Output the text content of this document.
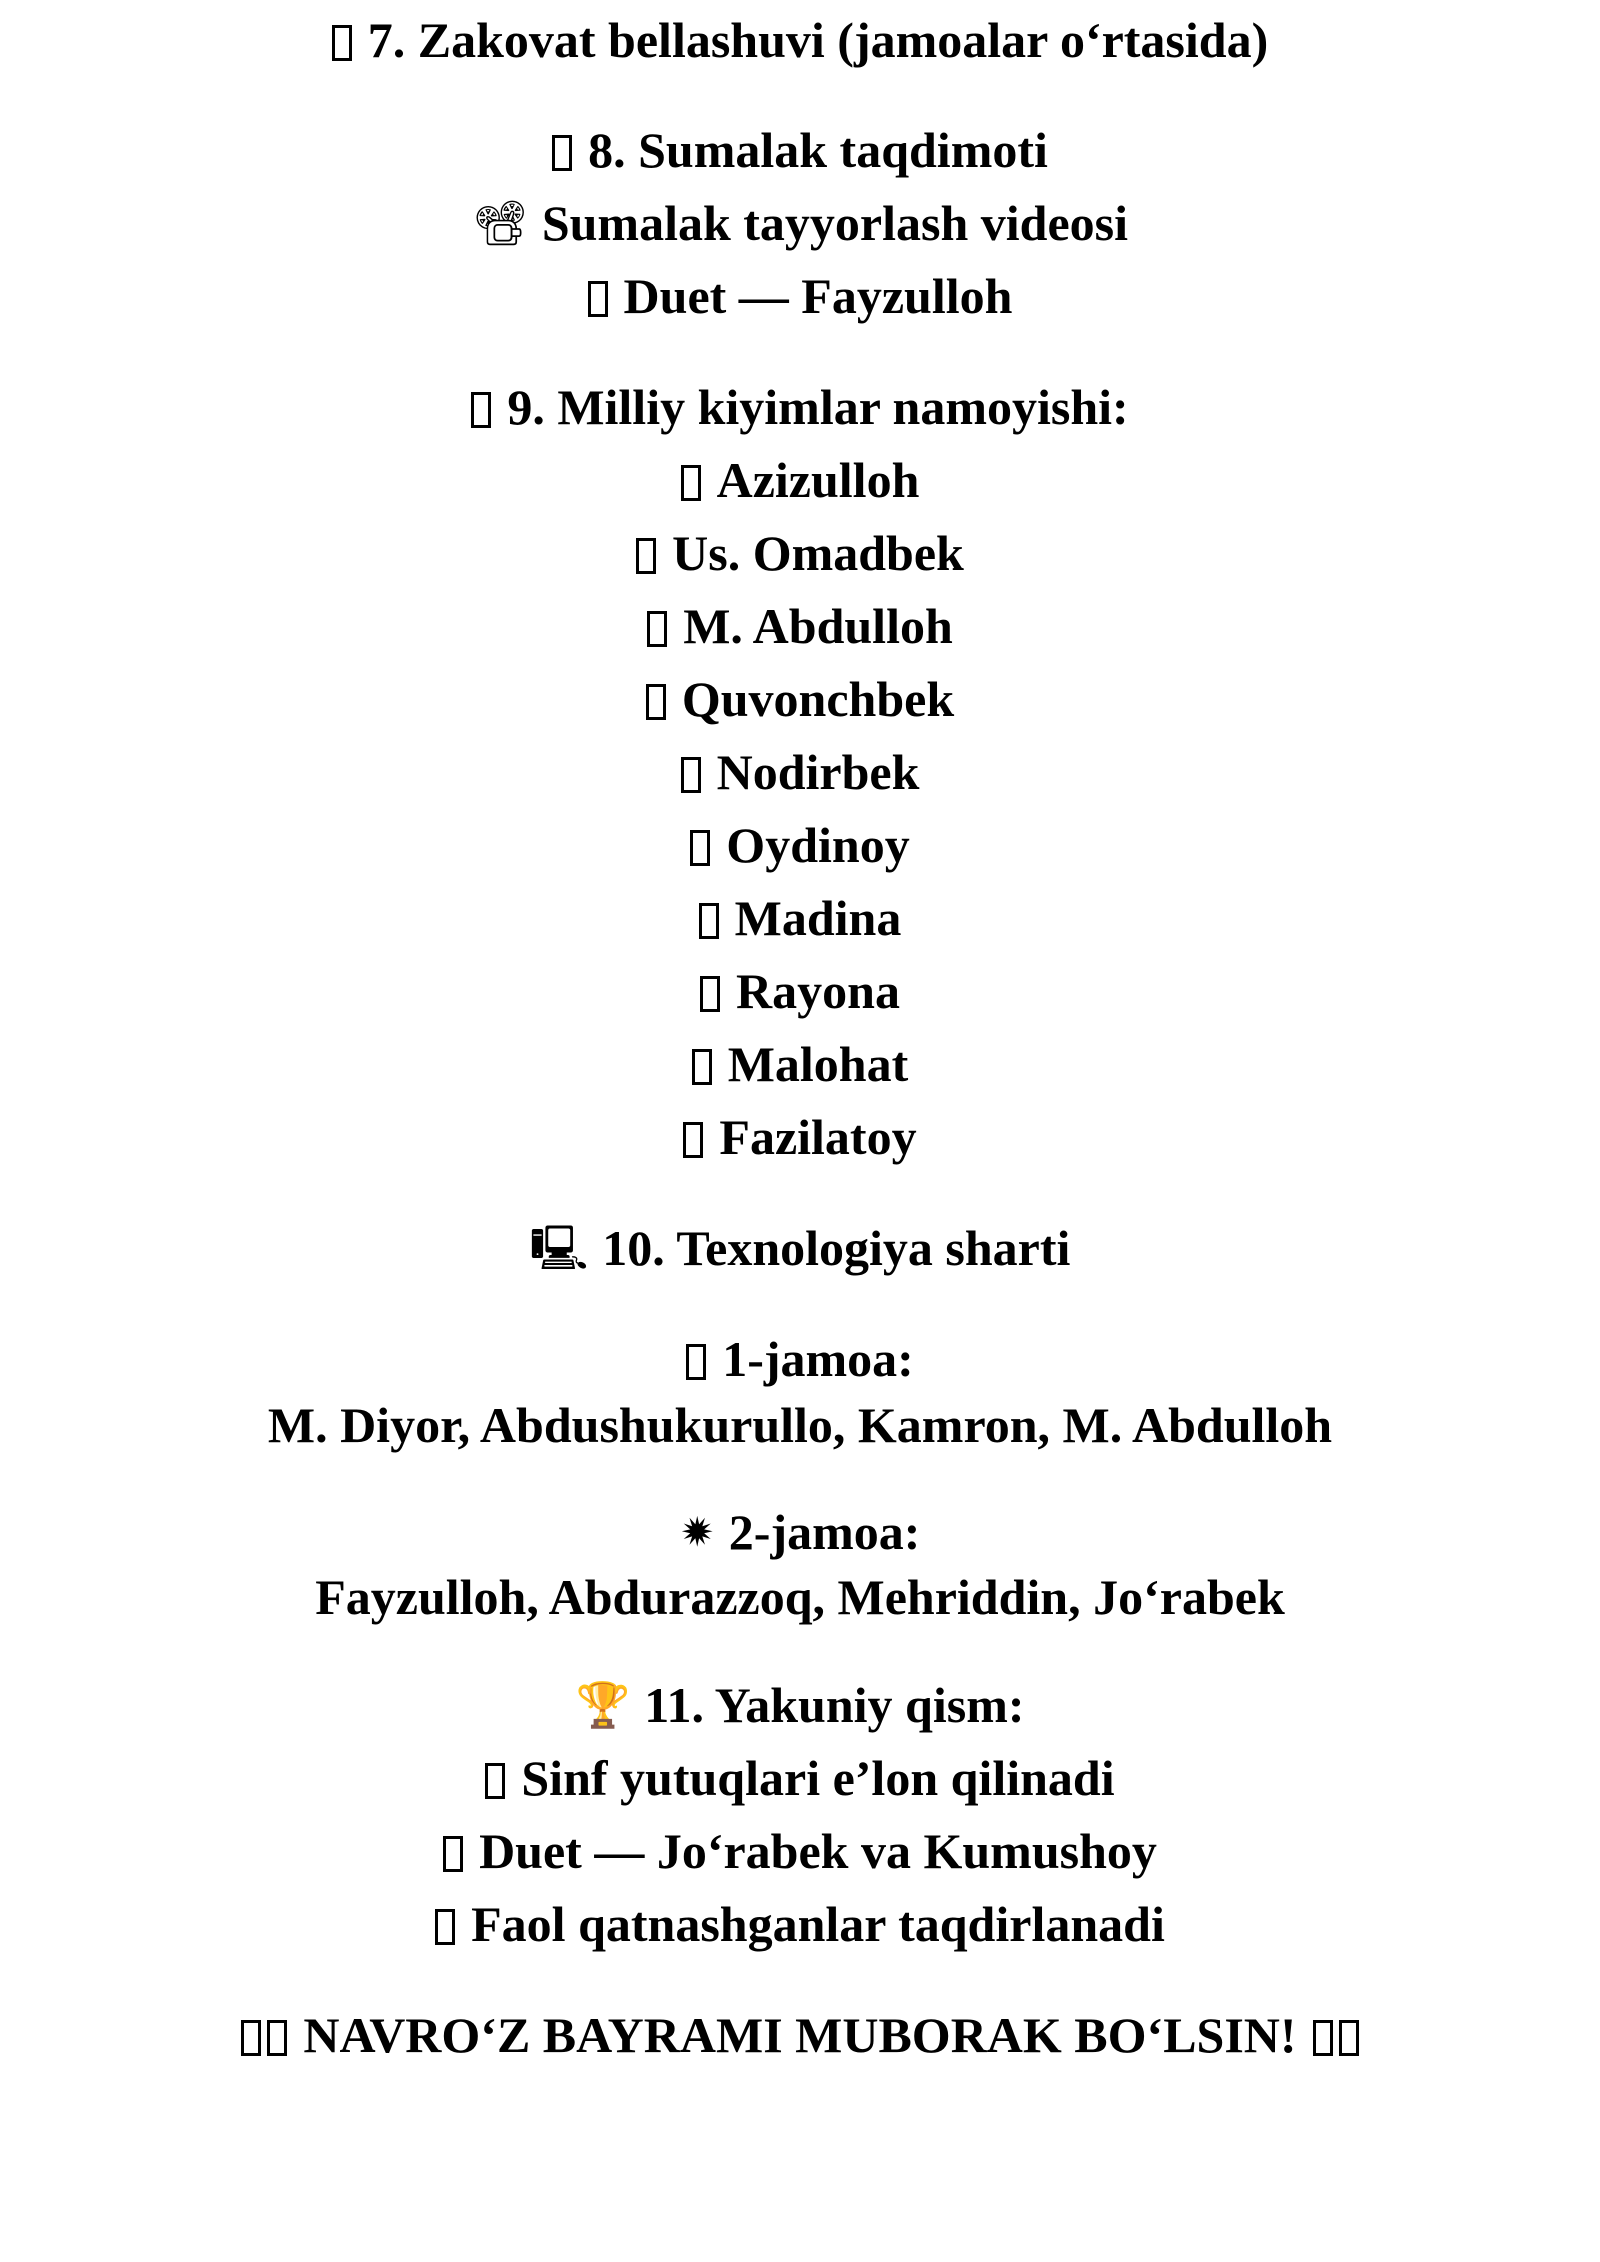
7. Zakovat bellashuvi (jamoalar o‘rtasida)
8. Sumalak taqdimoti
📽 Sumalak tayyorlash videosi
Duet — Fayzulloh
9. Milliy kiyimlar namoyishi:
Azizulloh
Us. Omadbek
M. Abdulloh
Quvonchbek
Nodirbek
Oydinoy
Madina
Rayona
Malohat
Fazilatoy
🖳 10. Texnologiya sharti
1-jamoa:
M. Diyor, Abdushukurullo, Kamron, M. Abdulloh
🟒 2-jamoa:
Fayzulloh, Abdurazzoq, Mehriddin, Jo‘rabek
🏆 11. Yakuniy qism:
Sinf yutuqlari e’lon qilinadi
Duet — Jo‘rabek va Kumushoy
Faol qatnashganlar taqdirlanadi
NAVRO‘Z BAYRAMI MUBORAK BO‘LSIN!
